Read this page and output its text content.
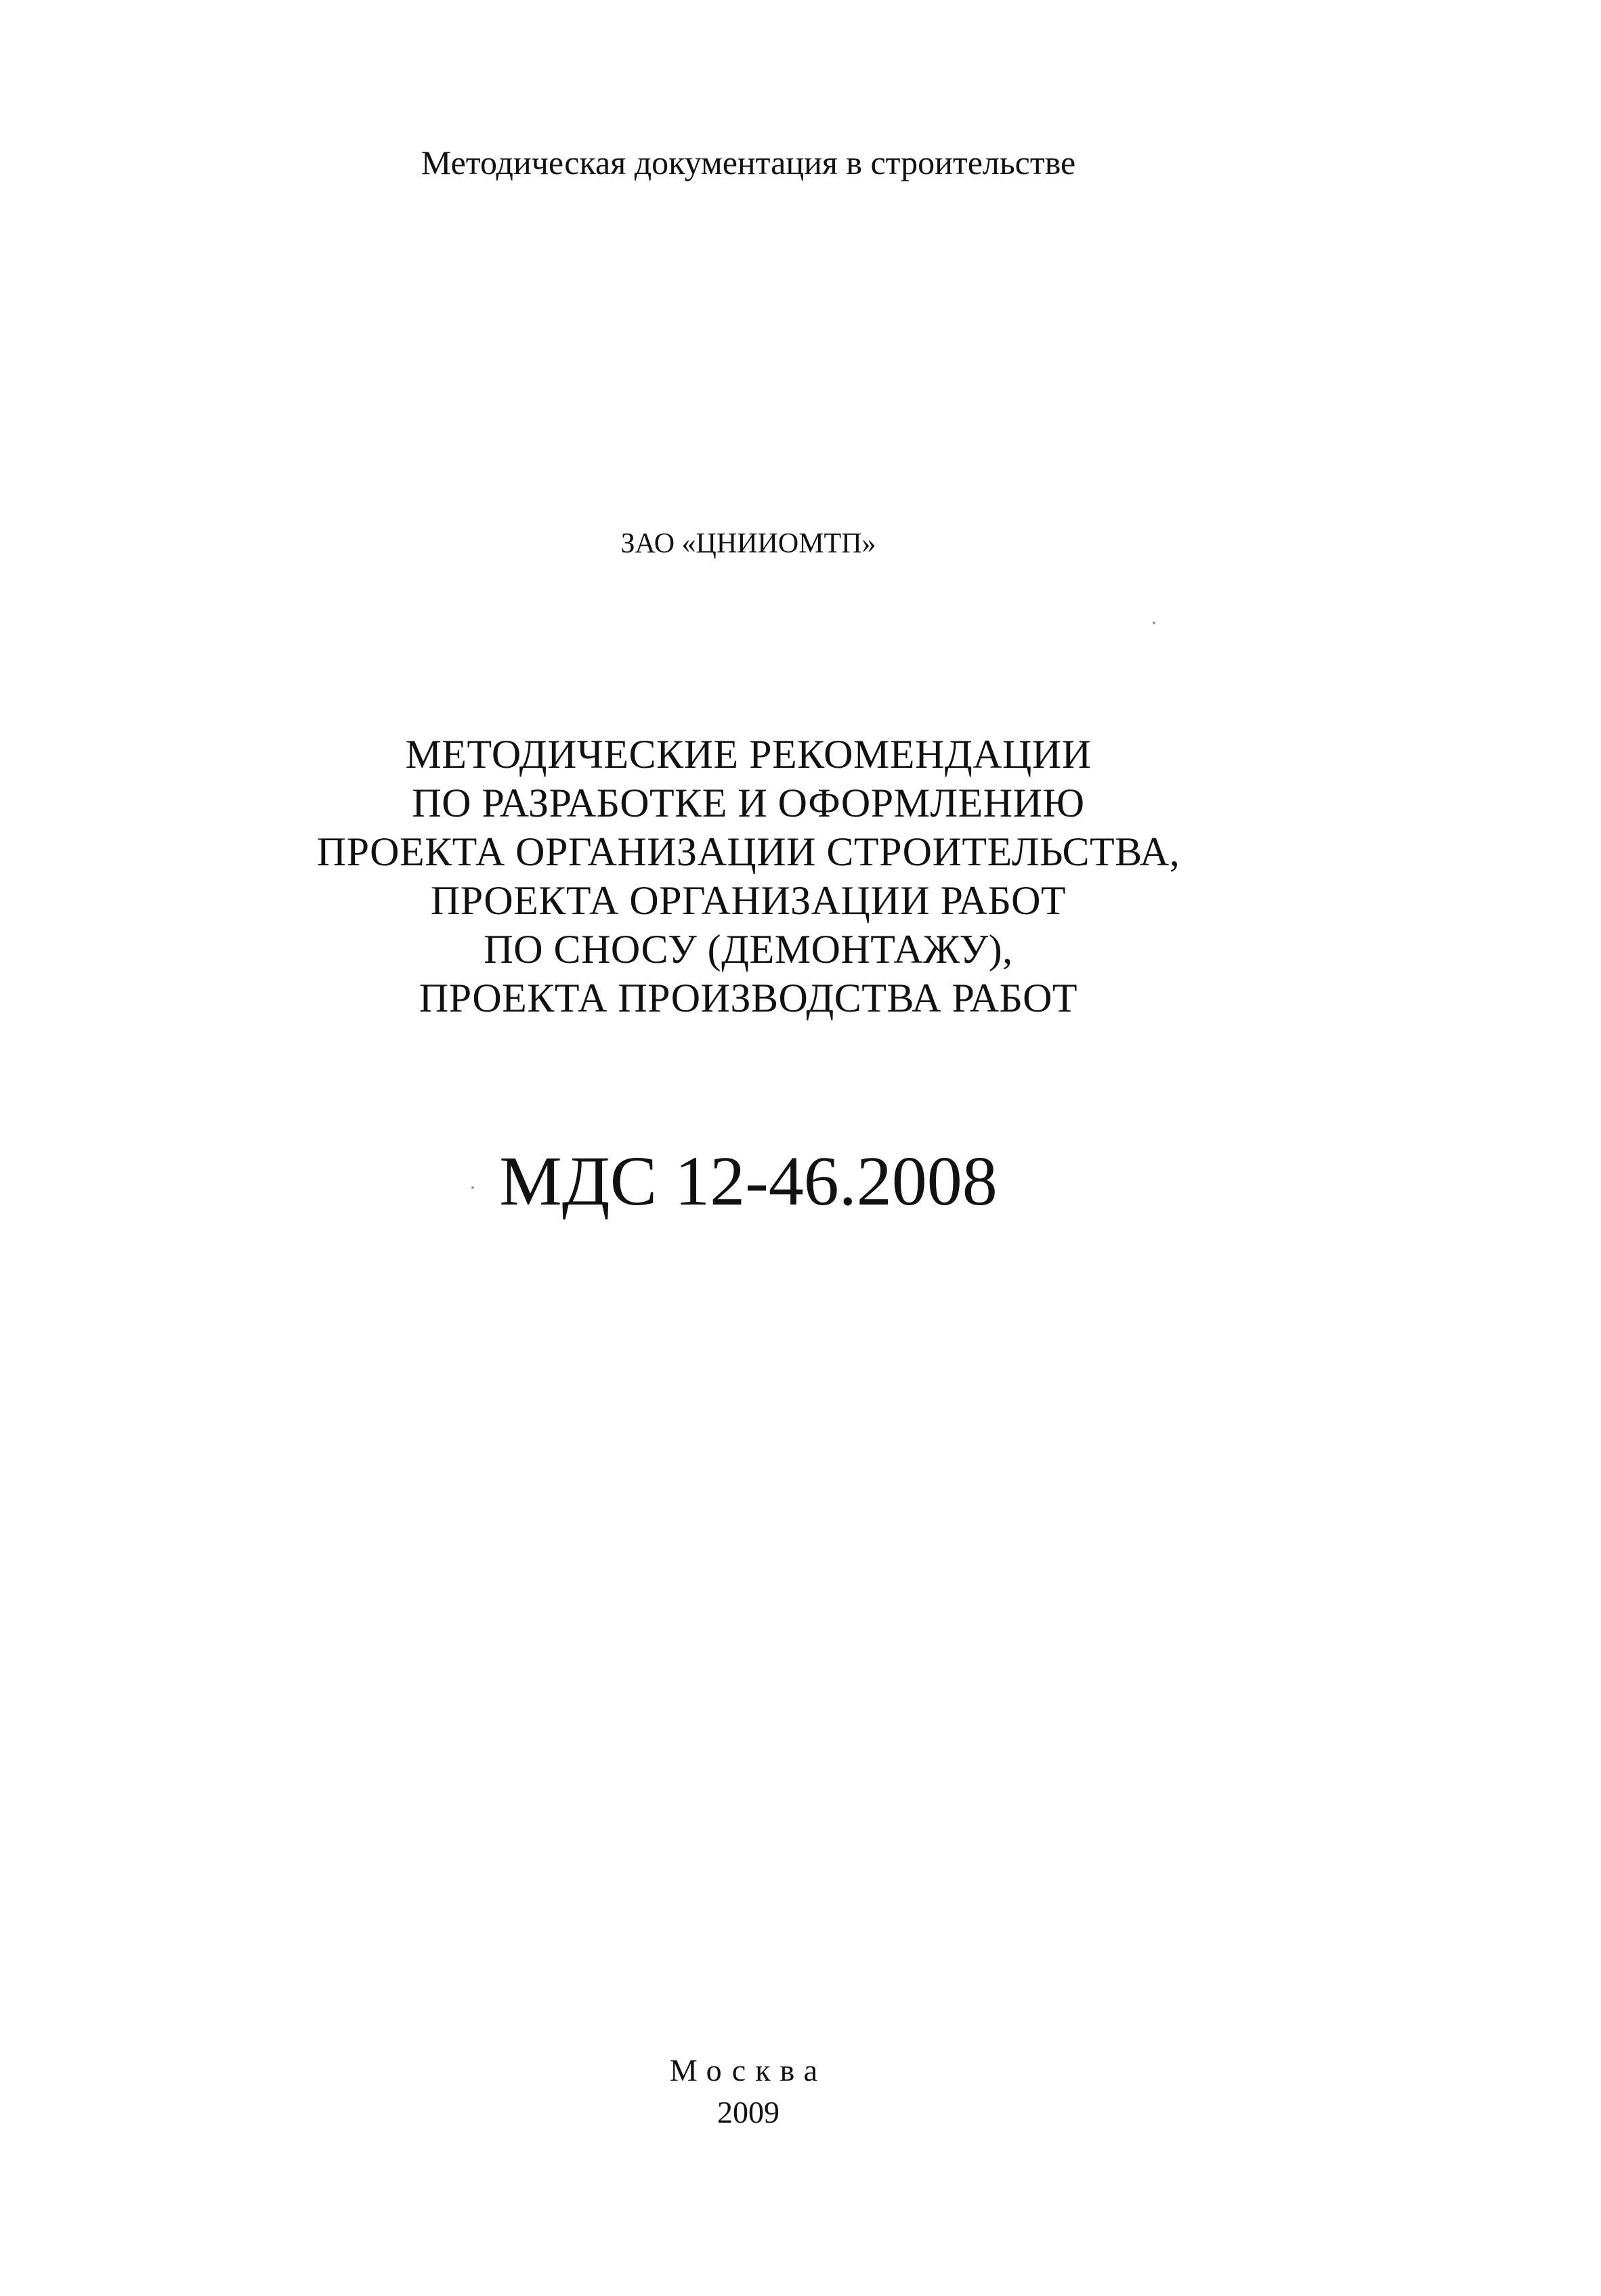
Методическая документация в строительстве
ЗАО «ЦНИИОМТП»
МЕТОДИЧЕСКИЕ РЕКОМЕНДАЦИИ
ПО РАЗРАБОТКЕ И ОФОРМЛЕНИЮ
ПРОЕКТА ОРГАНИЗАЦИИ СТРОИТЕЛЬСТВА,
ПРОЕКТА ОРГАНИЗАЦИИ РАБОТ
ПО СНОСУ (ДЕМОНТАЖУ),
ПРОЕКТА ПРОИЗВОДСТВА РАБОТ
МДС 12-46.2008
Москва
2009
